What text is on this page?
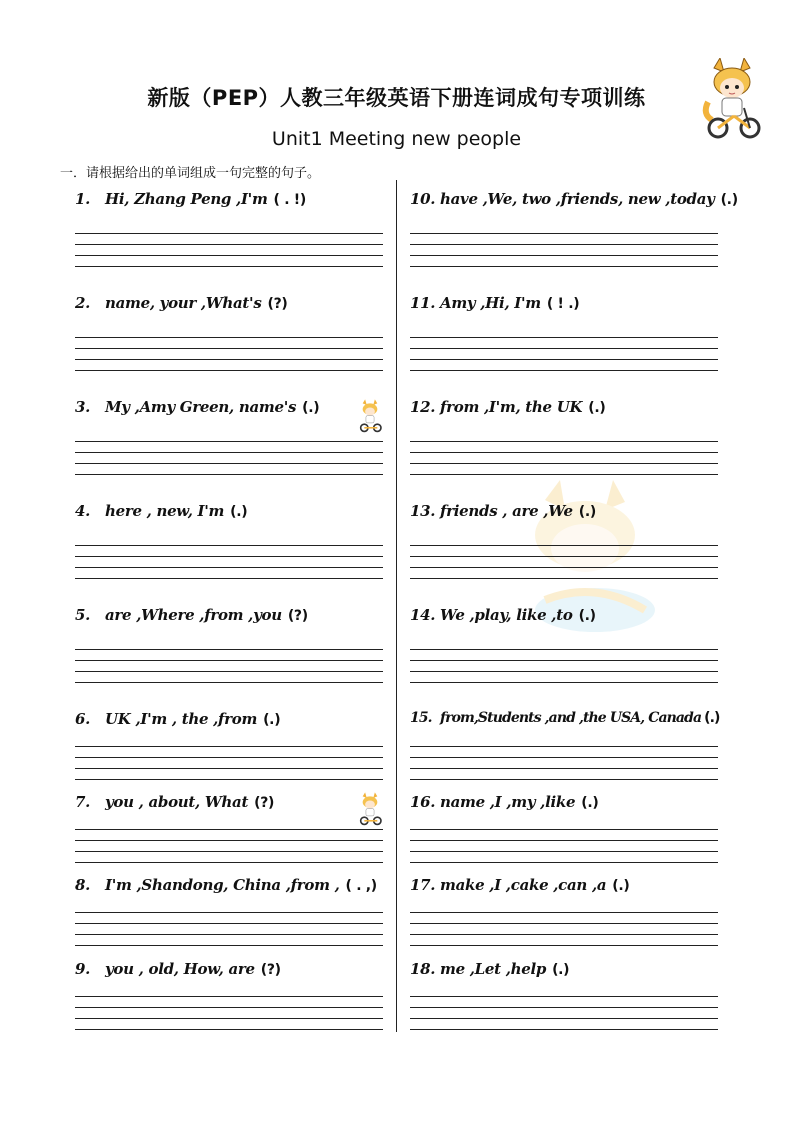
新版（PEP）人教三年级英语下册连词成句专项训练
Unit1 Meeting new people
一．请根据给出的单词组成一句完整的句子。
1. Hi, Zhang Peng ,I'm ( . !)
2. name, your ,What's (?)
3. My ,Amy Green, name's (.)
4. here , new, I'm (.)
5. are ,Where ,from ,you (?)
6. UK ,I'm , the ,from (.)
7. you , about, What (?)
8. I'm ,Shandong, China ,from , ( . ,)
9. you , old, How, are (?)
10. have ,We, two ,friends, new ,today (.)
11. Amy ,Hi, I'm ( ! .)
12. from ,I'm, the UK (.)
13. friends , are ,We (.)
14. We ,play, like ,to (.)
15. from,Students ,and ,the USA, Canada (.)
16. name ,I ,my ,like (.)
17. make ,I ,cake ,can ,a (.)
18. me ,Let ,help (.)
